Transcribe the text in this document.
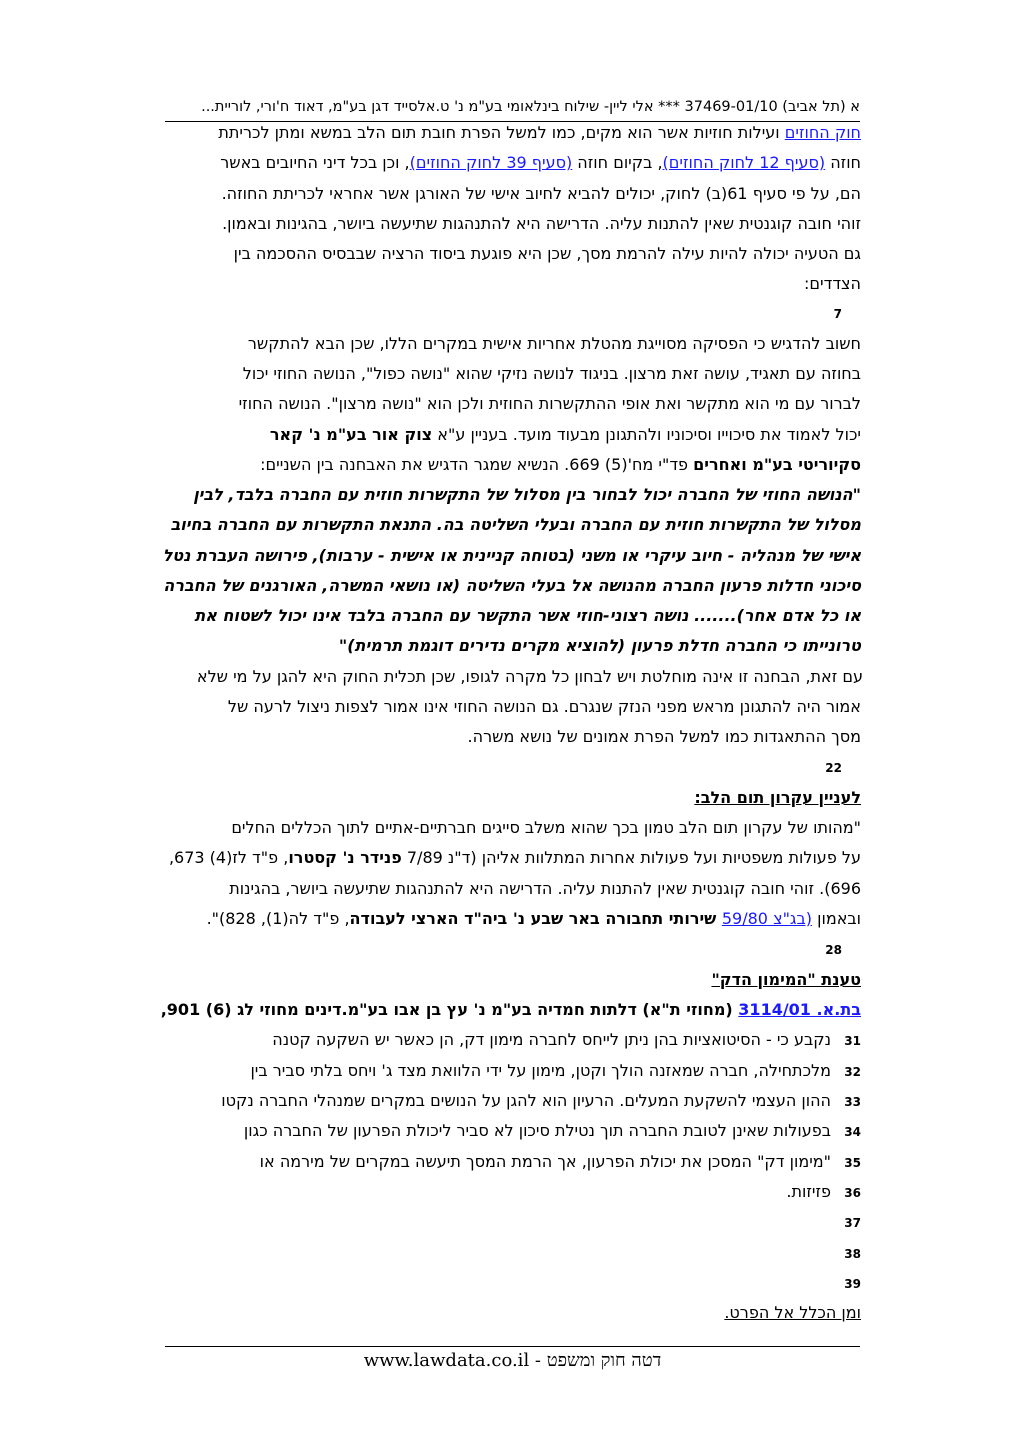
א (תל אביב) 37469-01/10 *** אלי ליין- שילוח בינלאומי בע"מ נ' ט.אלסייד דגן בע"מ, דאוד ח'ורי, לוריית...
חוק החוזים ועילות חוזיות אשר הוא מקים, כמו למשל הפרת חובת תום הלב במשא ומתן לכריתת
חוזה (סעיף 12 לחוק החוזים), בקיום חוזה (סעיף 39 לחוק החוזים), וכן בכל דיני החיובים באשר
הם, על פי סעיף 61(ב) לחוק, יכולים להביא לחיוב אישי של האורגן אשר אחראי לכריתת החוזה.
זוהי חובה קוגנטית שאין להתנות עליה. הדרישה היא להתנהגות שתיעשה ביושר, בהגינות ובאמון.
גם הטעיה יכולה להיות עילה להרמת מסך, שכן היא פוגעת ביסוד הרציה שבבסיס ההסכמה בין
הצדדים:
7
חשוב להדגיש כי הפסיקה מסוייגת מהטלת אחריות אישית במקרים הללו, שכן הבא להתקשר
בחוזה עם תאגיד, עושה זאת מרצון. בניגוד לנושה נזיקי שהוא "נושה כפול", הנושה החוזי יכול
לברור עם מי הוא מתקשר ואת אופי ההתקשרות החוזית ולכן הוא "נושה מרצון". הנושה החוזי
יכול לאמוד את סיכוייו וסיכוניו ולהתגונן מבעוד מועד. בעניין ע"א צוק אור בע"מ נ' קאר
סקיוריטי בע"מ ואחרים פד"י מח'(5) 669. הנשיא שמגר הדגיש את האבחנה בין השניים:
"הנושה החוזי של החברה יכול לבחור בין מסלול של התקשרות חוזית עם החברה בלבד, לבין
מסלול של התקשרות חוזית עם החברה ובעלי השליטה בה. התנאת התקשרות עם החברה בחיוב
אישי של מנהליה - חיוב עיקרי או משני (בטוחה קניינית או אישית - ערבות), פירושה העברת נטל
סיכוני חדלות פרעון החברה מהנושה אל בעלי השליטה (או נושאי המשרה, האורגנים של החברה
או כל אדם אחר)....... נושה רצוני-חוזי אשר התקשר עם החברה בלבד אינו יכול לשטוח את
טרונייתו כי החברה חדלת פרעון (להוציא מקרים נדירים דוגמת תרמית)"
עם זאת, הבחנה זו אינה מוחלטת ויש לבחון כל מקרה לגופו, שכן תכלית החוק היא להגן על מי שלא
אמור היה להתגונן מראש מפני הנזק שנגרם. גם הנושה החוזי אינו אמור לצפות ניצול לרעה של
מסך ההתאגדות כמו למשל הפרת אמונים של נושא משרה.
22
לעניין עקרון תום הלב:
"מהותו של עקרון תום הלב טמון בכך שהוא משלב סייגים חברתיים-אתיים לתוך הכללים החלים
על פעולות משפטיות ועל פעולות אחרות המתלוות אליהן (ד"נ 7/89 פנידר נ' קסטרו, פ"ד לז(4) 673,
696). זוהי חובה קוגנטית שאין להתנות עליה. הדרישה היא להתנהגות שתיעשה ביושר, בהגינות
ובאמון (בג"צ 59/80 שירותי תחבורה באר שבע נ' ביה"ד הארצי לעבודה, פ"ד לה(1), 828)".
28
טענת "המימון הדק"
בת.א. 3114/01 (מחוזי ת"א) דלתות חמדיה בע"מ נ' עץ בן אבו בע"מ.דינים מחוזי לג (6) 901,
31נקבע כי - הסיטואציות בהן ניתן לייחס לחברה מימון דק, הן כאשר יש השקעה קטנה
32מלכתחילה, חברה שמאזנה הולך וקטן, מימון על ידי הלוואת מצד ג' ויחס בלתי סביר בין
33ההון העצמי להשקעת המעלים. הרעיון הוא להגן על הנושים במקרים שמנהלי החברה נקטו
34בפעולות שאינן לטובת החברה תוך נטילת סיכון לא סביר ליכולת הפרעון של החברה כגון
35"מימון דק" המסכן את יכולת הפרעון, אך הרמת המסך תיעשה במקרים של מירמה או
36פזיזות.
37
38
39
ומן הכלל אל הפרט.
www.lawdata.co.il - דטה חוק ומשפט
